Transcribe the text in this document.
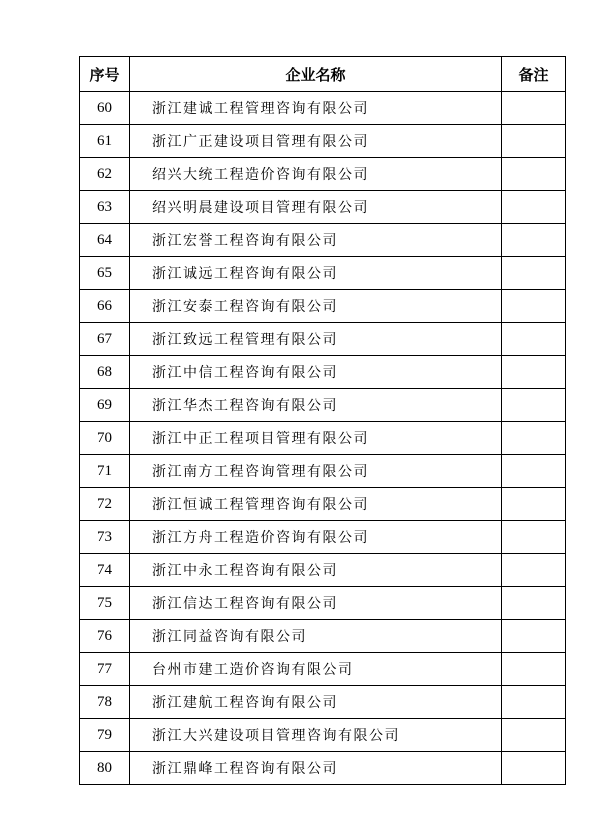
序号	企业名称	备注
60	浙江建诚工程管理咨询有限公司	
61	浙江广正建设项目管理有限公司	
62	绍兴大统工程造价咨询有限公司	
63	绍兴明晨建设项目管理有限公司	
64	浙江宏誉工程咨询有限公司	
65	浙江诚远工程咨询有限公司	
66	浙江安泰工程咨询有限公司	
67	浙江致远工程管理有限公司	
68	浙江中信工程咨询有限公司	
69	浙江华杰工程咨询有限公司	
70	浙江中正工程项目管理有限公司	
71	浙江南方工程咨询管理有限公司	
72	浙江恒诚工程管理咨询有限公司	
73	浙江方舟工程造价咨询有限公司	
74	浙江中永工程咨询有限公司	
75	浙江信达工程咨询有限公司	
76	浙江同益咨询有限公司	
77	台州市建工造价咨询有限公司	
78	浙江建航工程咨询有限公司	
79	浙江大兴建设项目管理咨询有限公司	
80	浙江鼎峰工程咨询有限公司	
